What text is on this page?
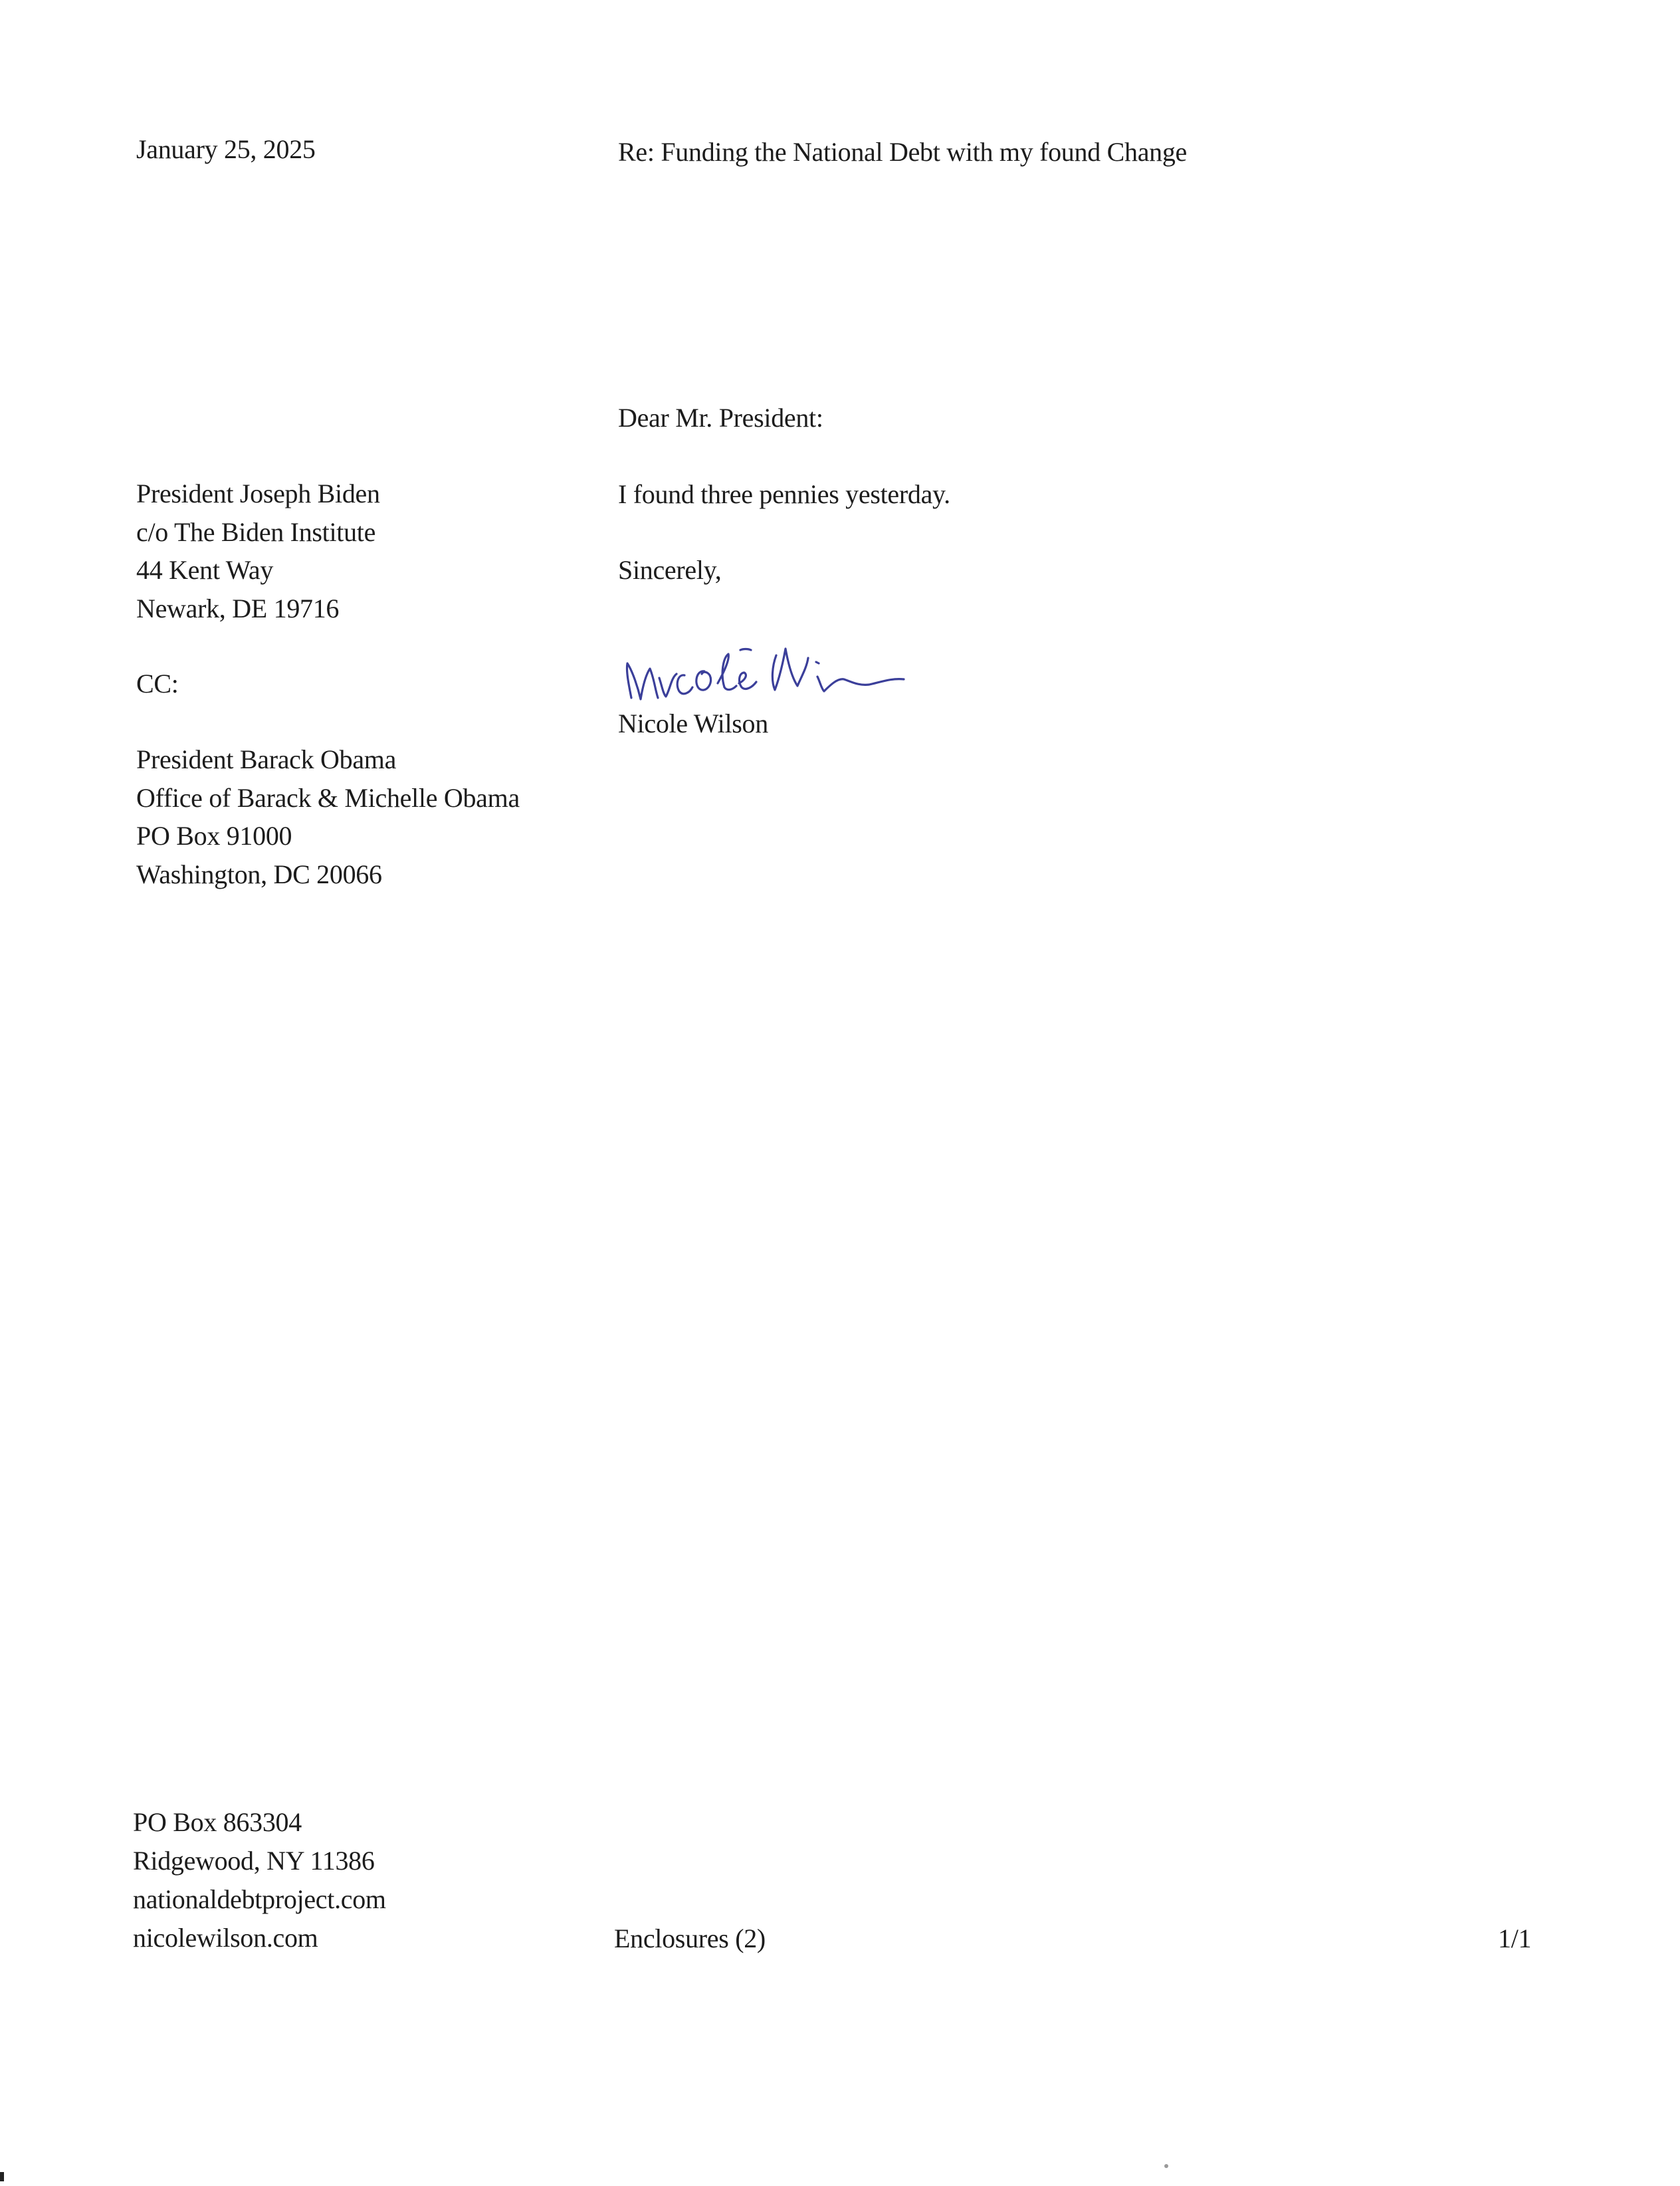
January 25, 2025	Re: Funding the National Debt with my found Change
President Joseph Biden
c/o The Biden Institute
44 Kent Way
Newark, DE 19716
CC:
President Barack Obama
Office of Barack & Michelle Obama
PO Box 91000
Washington, DC 20066
Dear Mr. President:
I found three pennies yesterday.
Sincerely,
Nicole Wilson
PO Box 863304
Ridgewood, NY 11386
nationaldebtproject.com
nicolewilson.com	Enclosures (2)	1/1
